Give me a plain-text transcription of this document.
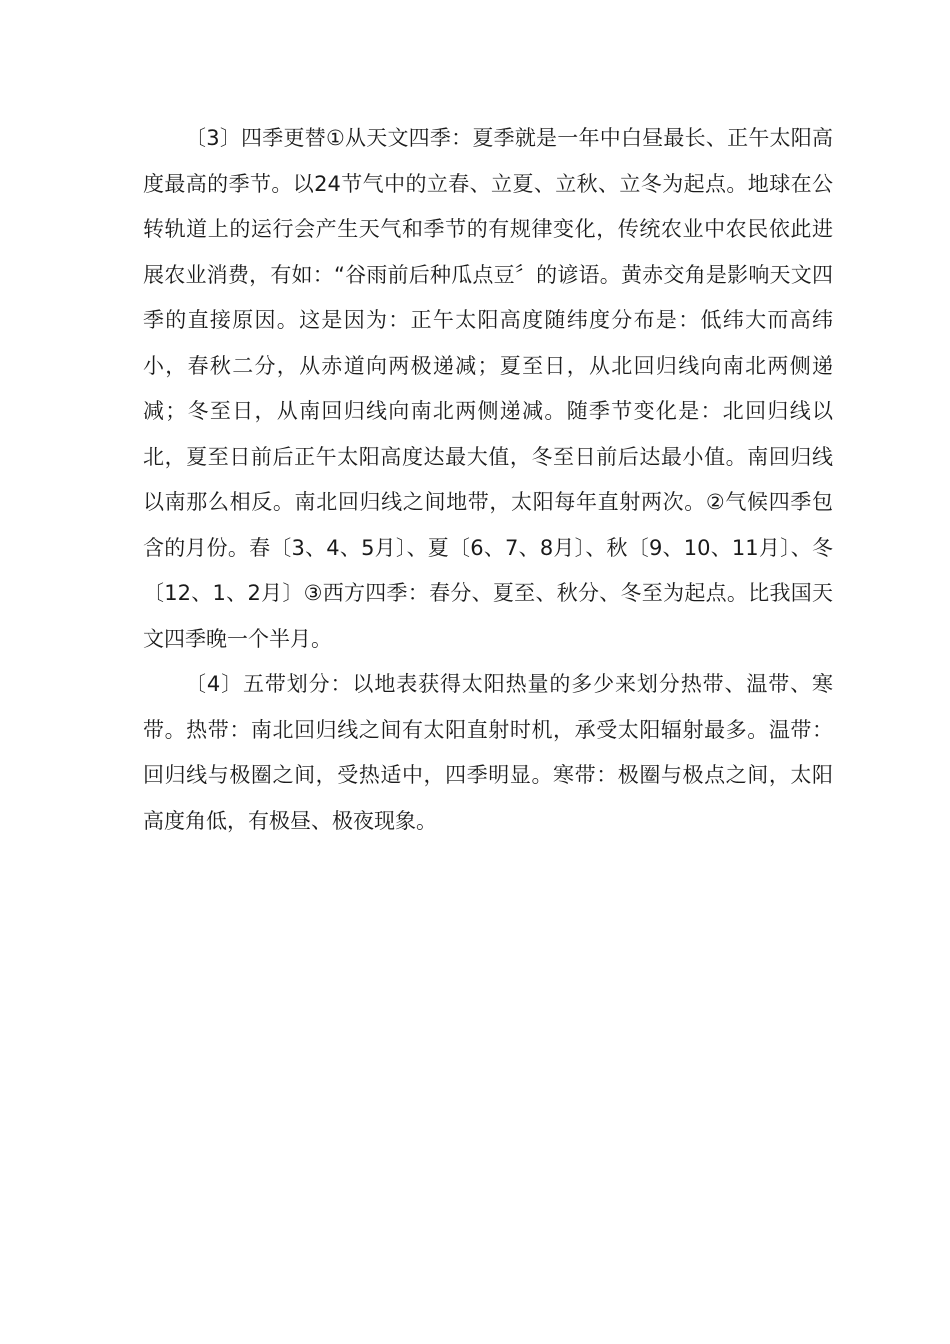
〔3〕四季更替①从天文四季：夏季就是一年中白昼最长、正午太阳高度最高的季节。以24节气中的立春、立夏、立秋、立冬为起点。地球在公转轨道上的运行会产生天气和季节的有规律变化，传统农业中农民依此进展农业消费，有如：“谷雨前后种瓜点豆〞的谚语。黄赤交角是影响天文四季的直接原因。这是因为：正午太阳高度随纬度分布是：低纬大而高纬小，春秋二分，从赤道向两极递减；夏至日，从北回归线向南北两侧递减；冬至日，从南回归线向南北两侧递减。随季节变化是：北回归线以北，夏至日前后正午太阳高度达最大值，冬至日前后达最小值。南回归线以南那么相反。南北回归线之间地带，太阳每年直射两次。②气候四季包含的月份。春〔3、4、5月〕、夏〔6、7、8月〕、秋〔9、10、11月〕、冬〔12、1、2月〕③西方四季：春分、夏至、秋分、冬至为起点。比我国天文四季晚一个半月。

〔4〕五带划分：以地表获得太阳热量的多少来划分热带、温带、寒带。热带：南北回归线之间有太阳直射时机，承受太阳辐射最多。温带：回归线与极圈之间，受热适中，四季明显。寒带：极圈与极点之间，太阳高度角低，有极昼、极夜现象。
